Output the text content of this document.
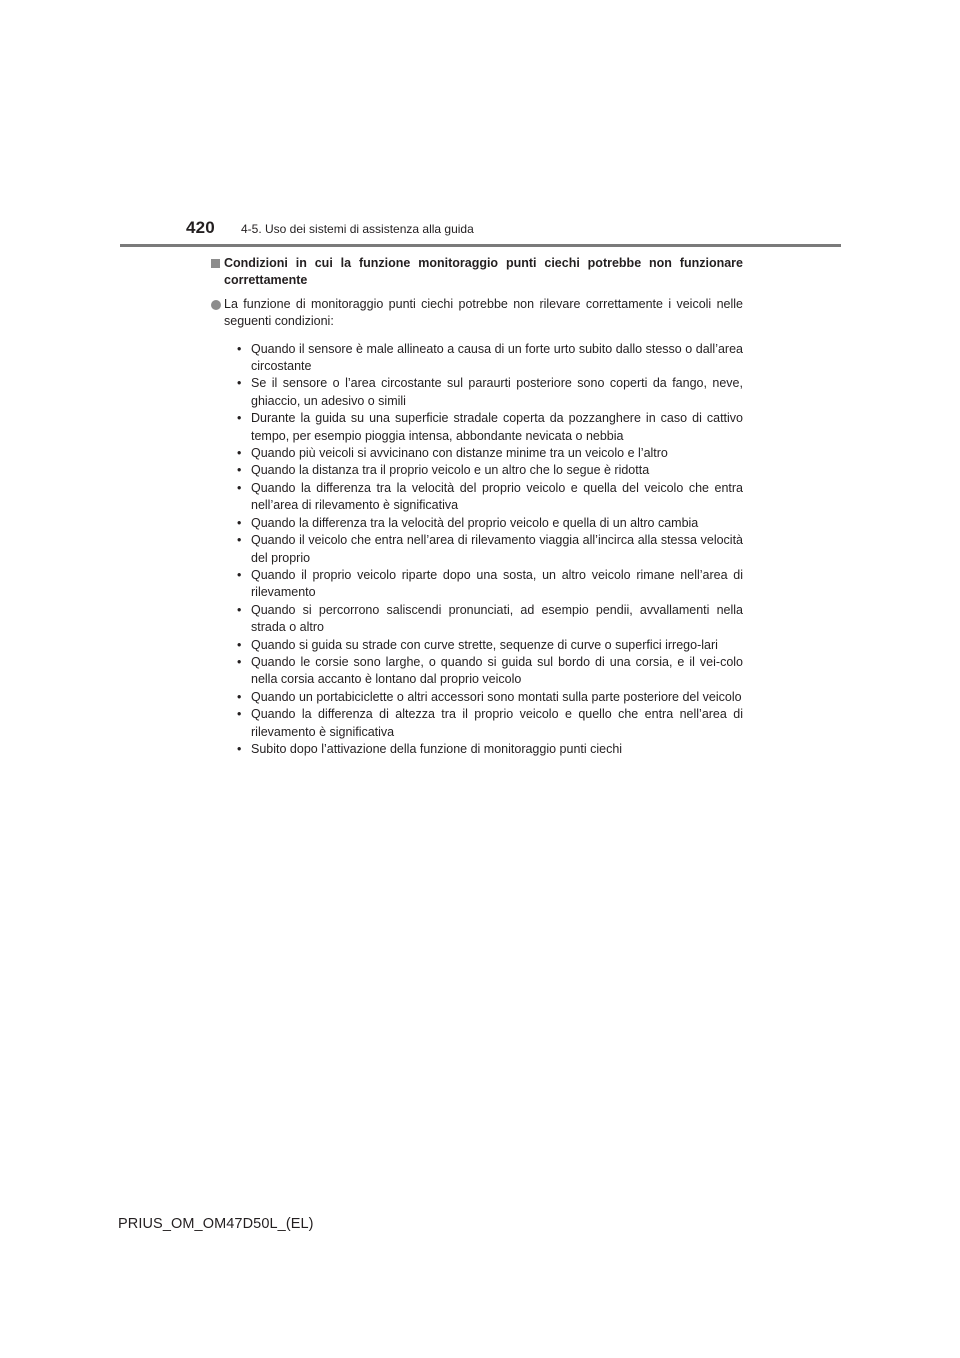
420 4-5. Uso dei sistemi di assistenza alla guida
Condizioni in cui la funzione monitoraggio punti ciechi potrebbe non funzionare correttamente
La funzione di monitoraggio punti ciechi potrebbe non rilevare correttamente i veicoli nelle seguenti condizioni:
• Quando il sensore è male allineato a causa di un forte urto subito dallo stesso o dall’area circostante
• Se il sensore o l’area circostante sul paraurti posteriore sono coperti da fango, neve, ghiaccio, un adesivo o simili
• Durante la guida su una superficie stradale coperta da pozzanghere in caso di cattivo tempo, per esempio pioggia intensa, abbondante nevicata o nebbia
• Quando più veicoli si avvicinano con distanze minime tra un veicolo e l’altro
• Quando la distanza tra il proprio veicolo e un altro che lo segue è ridotta
• Quando la differenza tra la velocità del proprio veicolo e quella del veicolo che entra nell’area di rilevamento è significativa
• Quando la differenza tra la velocità del proprio veicolo e quella di un altro cambia
• Quando il veicolo che entra nell’area di rilevamento viaggia all’incirca alla stessa velocità del proprio
• Quando il proprio veicolo riparte dopo una sosta, un altro veicolo rimane nell’area di rilevamento
• Quando si percorrono saliscendi pronunciati, ad esempio pendii, avvallamenti nella strada o altro
• Quando si guida su strade con curve strette, sequenze di curve o superfici irrego-lari
• Quando le corsie sono larghe, o quando si guida sul bordo di una corsia, e il vei-colo nella corsia accanto è lontano dal proprio veicolo
• Quando un portabiciclette o altri accessori sono montati sulla parte posteriore del veicolo
• Quando la differenza di altezza tra il proprio veicolo e quello che entra nell’area di rilevamento è significativa
• Subito dopo l’attivazione della funzione di monitoraggio punti ciechi
PRIUS_OM_OM47D50L_(EL)
